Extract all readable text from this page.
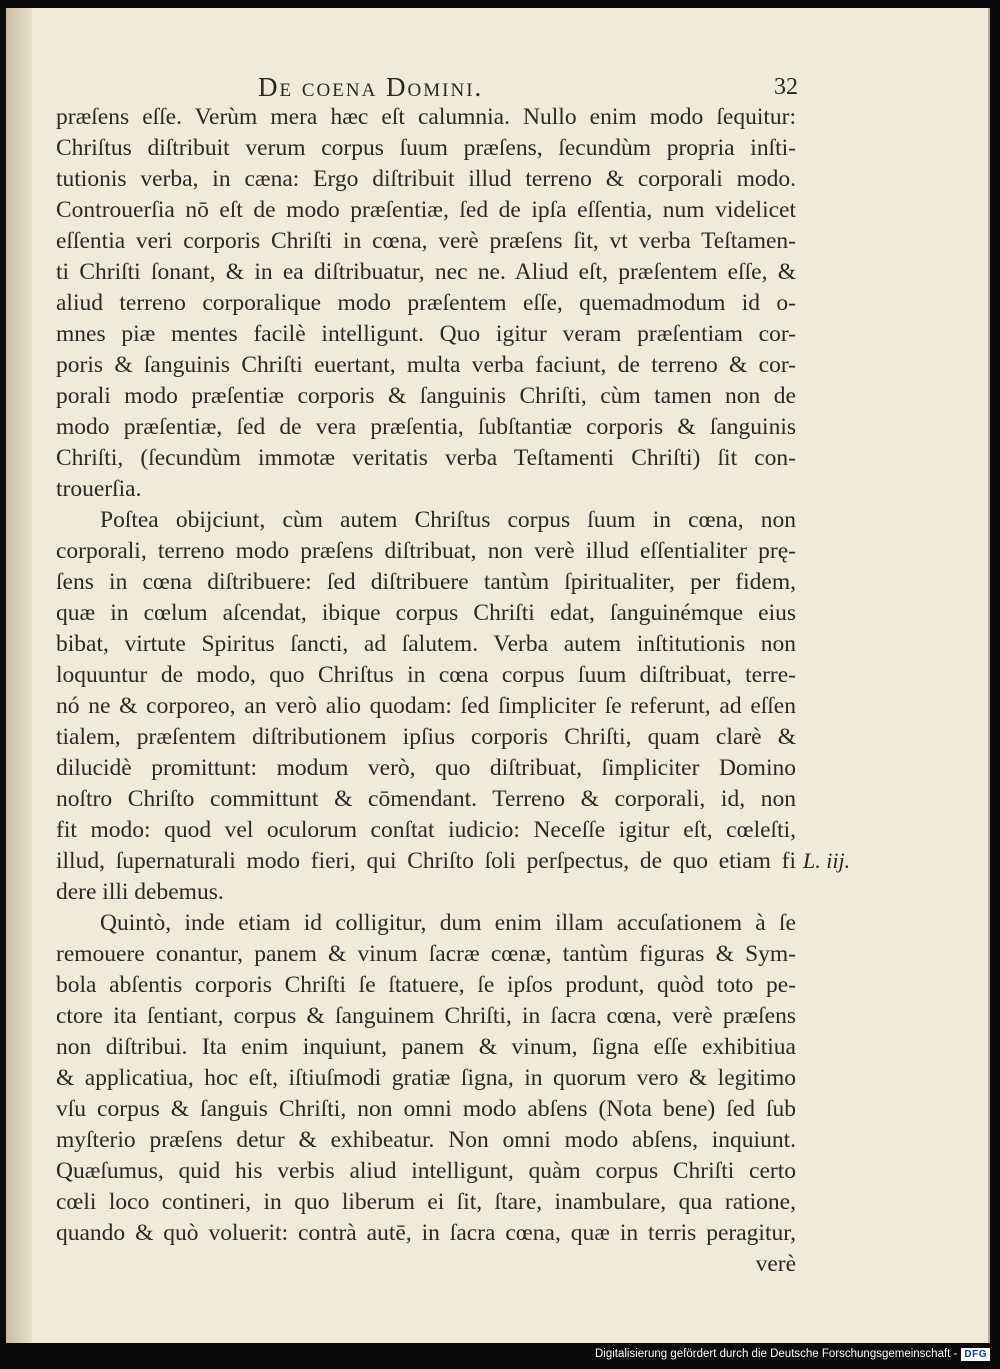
De coena Domini.	32
præſens eſſe. Verùm mera hæc eſt calumnia. Nullo enim modo ſequitur:
Chriſtus diſtribuit verum corpus ſuum præſens, ſecundùm propria inſti-
tutionis verba, in cæna: Ergo diſtribuit illud terreno & corporali modo.
Controuerſia nō eſt de modo præſentiæ, ſed de ipſa eſſentia, num videlicet
eſſentia veri corporis Chriſti in cœna, verè præſens ſit, vt verba Teſtamen-
ti Chriſti ſonant, & in ea diſtribuatur, nec ne. Aliud eſt, præſentem eſſe, &
aliud terreno corporalique modo præſentem eſſe, quemadmodum id o-
mnes piæ mentes facilè intelligunt. Quo igitur veram præſentiam cor-
poris & ſanguinis Chriſti euertant, multa verba faciunt, de terreno & cor-
porali modo præſentiæ corporis & ſanguinis Chriſti, cùm tamen non de
modo præſentiæ, ſed de vera præſentia, ſubſtantiæ corporis & ſanguinis
Chriſti, (ſecundùm immotæ veritatis verba Teſtamenti Chriſti) ſit con-
trouerſia.
Poſtea obijciunt, cùm autem Chriſtus corpus ſuum in cœna, non
corporali, terreno modo præſens diſtribuat, non verè illud eſſentialiter prę-
ſens in cœna diſtribuere: ſed diſtribuere tantùm ſpiritualiter, per fidem,
quæ in cœlum aſcendat, ibique corpus Chriſti edat, ſanguinémque eius
bibat, virtute Spiritus ſancti, ad ſalutem. Verba autem inſtitutionis non
loquuntur de modo, quo Chriſtus in cœna corpus ſuum diſtribuat, terre-
nó ne & corporeo, an verò alio quodam: ſed ſimpliciter ſe referunt, ad eſſen
tialem, præſentem diſtributionem ipſius corporis Chriſti, quam clarè &
dilucidè promittunt: modum verò, quo diſtribuat, ſimpliciter Domino
noſtro Chriſto committunt & cōmendant. Terreno & corporali, id, non
fit modo: quod vel oculorum conſtat iudicio: Neceſſe igitur eſt, cœleſti,
illud, ſupernaturali modo fieri, qui Chriſto ſoli perſpectus, de quo etiam fi
dere illi debemus.
Quintò, inde etiam id colligitur, dum enim illam accuſationem à ſe
remouere conantur, panem & vinum ſacræ cœnæ, tantùm figuras & Sym-
bola abſentis corporis Chriſti ſe ſtatuere, ſe ipſos produnt, quòd toto pe-
ctore ita ſentiant, corpus & ſanguinem Chriſti, in ſacra cœna, verè præſens
non diſtribui. Ita enim inquiunt, panem & vinum, ſigna eſſe exhibitiua
& applicatiua, hoc eſt, iſtiuſmodi gratiæ ſigna, in quorum vero & legitimo
vſu corpus & ſanguis Chriſti, non omni modo abſens (Nota bene) ſed ſub
myſterio præſens detur & exhibeatur. Non omni modo abſens, inquiunt.
Quæſumus, quid his verbis aliud intelligunt, quàm corpus Chriſti certo
cœli loco contineri, in quo liberum ei ſit, ſtare, inambulare, qua ratione,
quando & quò voluerit: contrà autē, in ſacra cœna, quæ in terris peragitur,
verè
L. iij.
Digitalisierung gefördert durch die Deutsche Forschungsgemeinschaft - DFG
